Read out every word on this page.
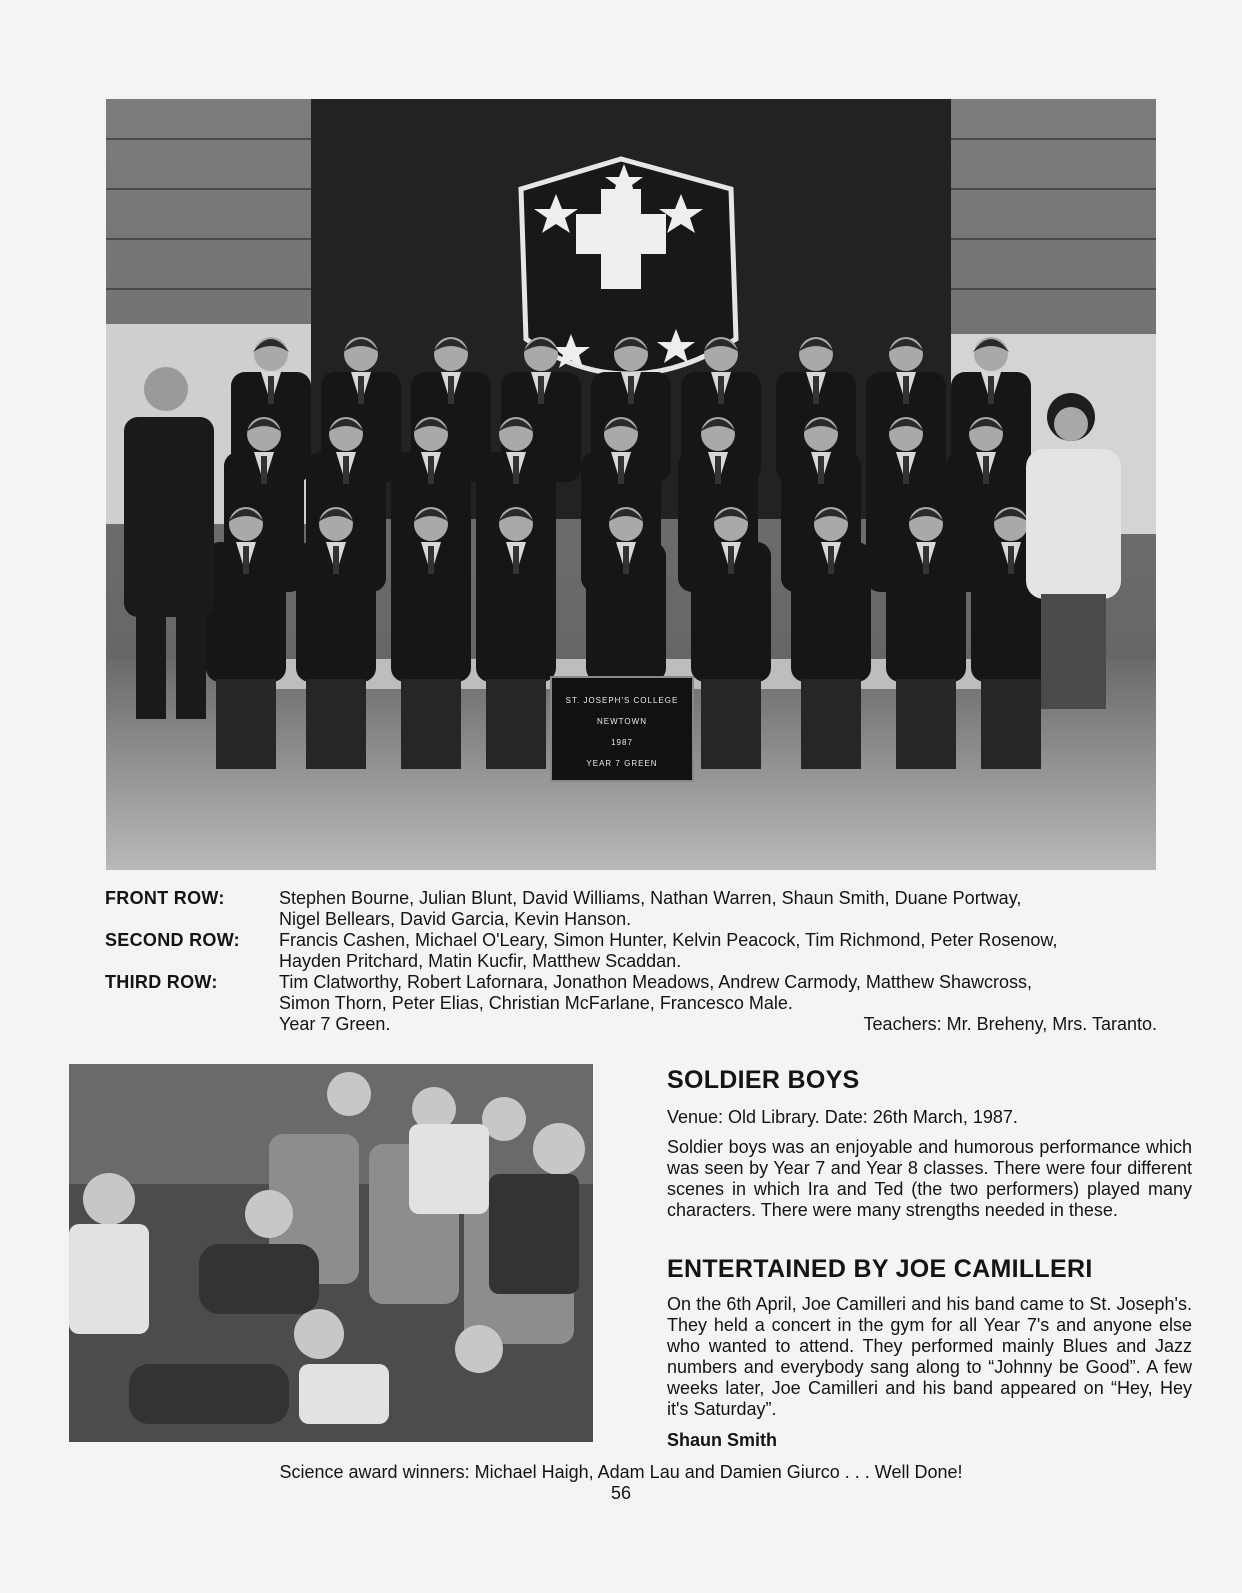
ST. JOSEPH'S COLLEGE
NEWTOWN
1987
YEAR 7 GREEN
FRONT ROW:	Stephen Bourne, Julian Blunt, David Williams, Nathan Warren, Shaun Smith, Duane Portway,
Nigel Bellears, David Garcia, Kevin Hanson.
SECOND ROW:	Francis Cashen, Michael O'Leary, Simon Hunter, Kelvin Peacock, Tim Richmond, Peter Rosenow,
Hayden Pritchard, Matin Kucfir, Matthew Scaddan.
THIRD ROW:	Tim Clatworthy, Robert Lafornara, Jonathon Meadows, Andrew Carmody, Matthew Shawcross,
Simon Thorn, Peter Elias, Christian McFarlane, Francesco Male.
Year 7 Green.	Teachers: Mr. Breheny, Mrs. Taranto.
SOLDIER BOYS

Venue: Old Library. Date: 26th March, 1987.

Soldier boys was an enjoyable and humorous performance which was seen by Year 7 and Year 8 classes. There were four different scenes in which Ira and Ted (the two performers) played many characters. There were many strengths needed in these.

ENTERTAINED BY JOE CAMILLERI

On the 6th April, Joe Camilleri and his band came to St. Joseph's. They held a concert in the gym for all Year 7's and anyone else who wanted to attend. They performed mainly Blues and Jazz numbers and everybody sang along to “Johnny be Good”. A few weeks later, Joe Camilleri and his band appeared on “Hey, Hey it's Saturday”.

Shaun Smith
Science award winners: Michael Haigh, Adam Lau and Damien Giurco . . . Well Done!
56
